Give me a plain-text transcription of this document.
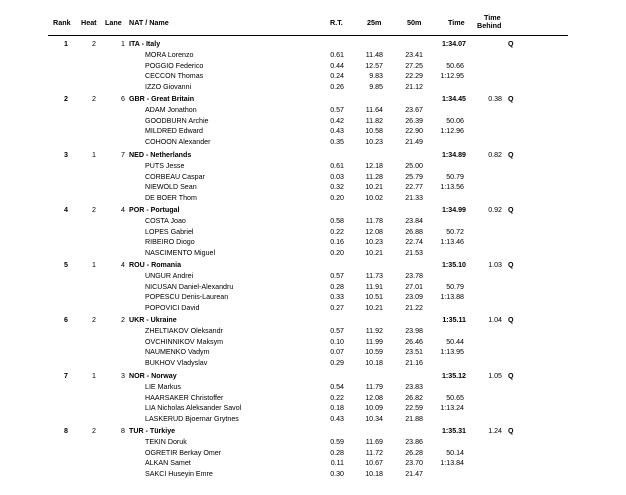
Rank Heat Lane NAT / Name	R.T.	25m	50m	Time
Time
Behind
1	2	1 ITA - Italy	1:34.07	Q
MORA Lorenzo	0.61	11.48	23.41
POGGIO Federico	0.44	12.57	27.25	50.66
CECCON Thomas	0.24	9.83	22.29	1:12.95
IZZO Giovanni	0.26	9.85	21.12
2	2	6 GBR - Great Britain	1:34.45	0.38 Q
ADAM Jonathon	0.57	11.64	23.67
GOODBURN Archie	0.42	11.82	26.39	50.06
MILDRED Edward	0.43	10.58	22.90	1:12.96
COHOON Alexander	0.35	10.23	21.49
3	1	7 NED - Netherlands	1:34.89	0.82 Q
PUTS Jesse	0.61	12.18	25.00
CORBEAU Caspar	0.03	11.28	25.79	50.79
NIEWOLD Sean	0.32	10.21	22.77	1:13.56
DE BOER Thom	0.20	10.02	21.33
4	2	4 POR - Portugal	1:34.99	0.92 Q
COSTA Joao	0.58	11.78	23.84
LOPES Gabriel	0.22	12.08	26.88	50.72
RIBEIRO Diogo	0.16	10.23	22.74	1:13.46
NASCIMENTO Miguel	0.20	10.21	21.53
5	1	4 ROU - Romania	1:35.10	1.03 Q
UNGUR Andrei	0.57	11.73	23.78
NICUSAN Daniel-Alexandru	0.28	11.91	27.01	50.79
POPESCU Denis-Laurean	0.33	10.51	23.09	1:13.88
POPOVICI David	0.27	10.21	21.22
6	2	2 UKR - Ukraine	1:35.11	1.04 Q
ZHELTIAKOV Oleksandr	0.57	11.92	23.98
OVCHINNIKOV Maksym	0.10	11.99	26.46	50.44
NAUMENKO Vadym	0.07	10.59	23.51	1:13.95
BUKHOV Vladyslav	0.29	10.18	21.16
7	1	3 NOR - Norway	1:35.12	1.05 Q
LIE Markus	0.54	11.79	23.83
HAARSAKER Christoffer	0.22	12.08	26.82	50.65
LIA Nicholas Aleksander Savol	0.18	10.09	22.59	1:13.24
LASKERUD Bjoernar Grytnes	0.43	10.34	21.88
8	2	8 TUR - Türkiye	1:35.31	1.24 Q
TEKIN Doruk	0.59	11.69	23.86
OGRETIR Berkay Omer	0.28	11.72	26.28	50.14
ALKAN Samet	0.11	10.67	23.70	1:13.84
SAKCI Huseyin Emre	0.30	10.18	21.47
